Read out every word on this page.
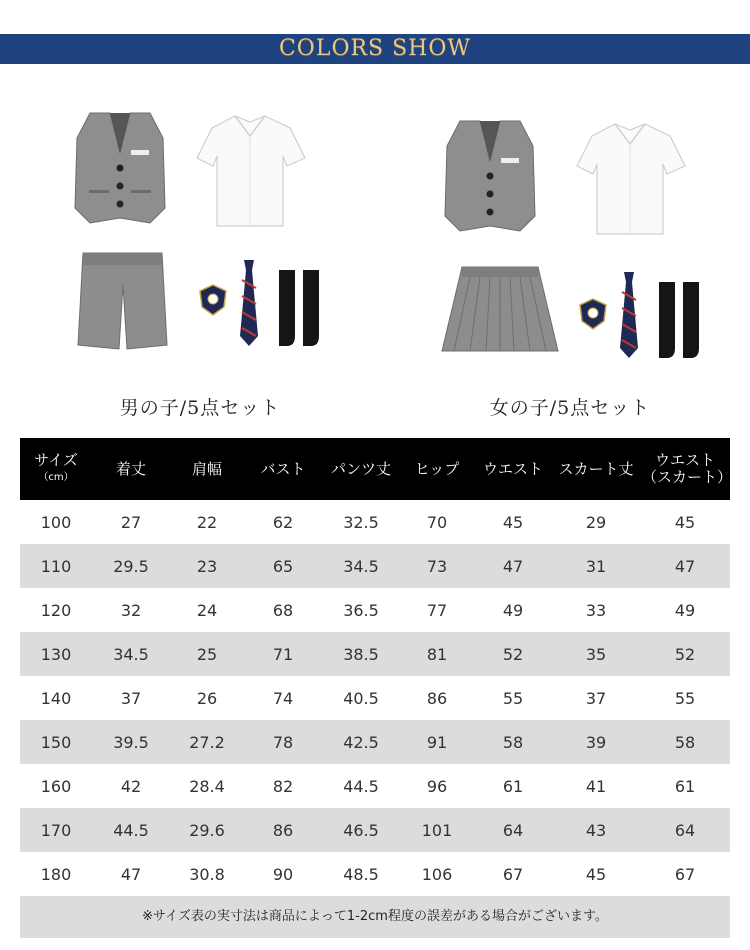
COLORS SHOW
男の子/5点セット	女の子/5点セット
サイズ
（cm）	着丈	肩幅	バスト	パンツ丈	ヒップ	ウエスト	スカート丈	ウエスト
（スカート）

100	27	22	62	32.5	70	45	29	45
110	29.5	23	65	34.5	73	47	31	47
120	32	24	68	36.5	77	49	33	49
130	34.5	25	71	38.5	81	52	35	52
140	37	26	74	40.5	86	55	37	55
150	39.5	27.2	78	42.5	91	58	39	58
160	42	28.4	82	44.5	96	61	41	61
170	44.5	29.6	86	46.5	101	64	43	64
180	47	30.8	90	48.5	106	67	45	67
※サイズ表の実寸法は商品によって1-2cm程度の誤差がある場合がございます。
